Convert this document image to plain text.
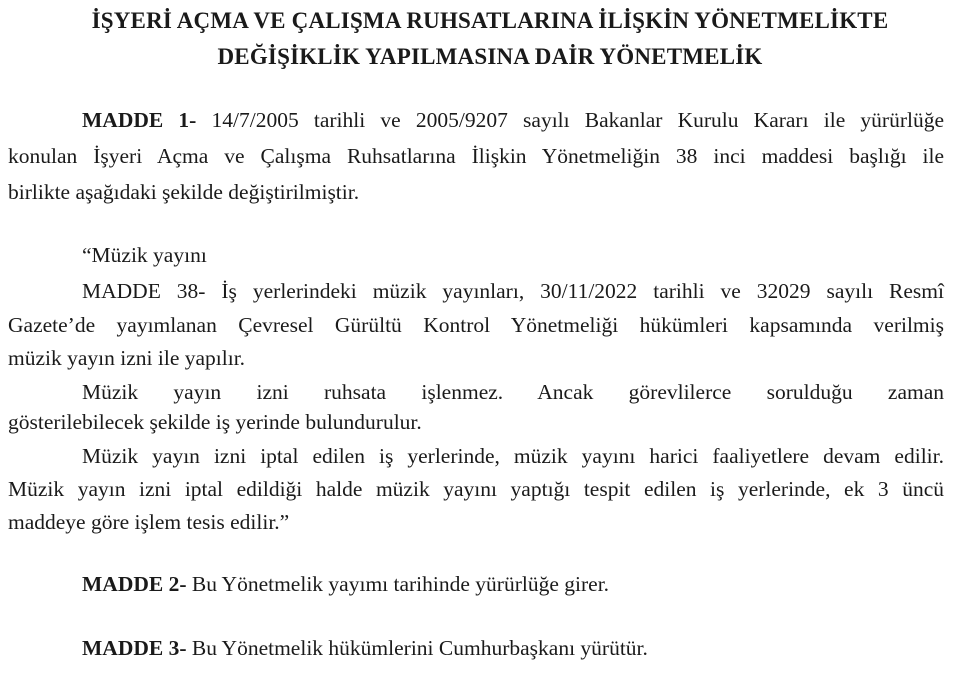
İŞYERİ AÇMA VE ÇALIŞMA RUHSATLARINA İLİŞKİN YÖNETMELİKTE
DEĞİŞİKLİK YAPILMASINA DAİR YÖNETMELİK
MADDE 1- 14/7/2005 tarihli ve 2005/9207 sayılı Bakanlar Kurulu Kararı ile yürürlüğe
konulan İşyeri Açma ve Çalışma Ruhsatlarına İlişkin Yönetmeliğin 38 inci maddesi başlığı ile
birlikte aşağıdaki şekilde değiştirilmiştir.
“Müzik yayını
MADDE 38- İş yerlerindeki müzik yayınları, 30/11/2022 tarihli ve 32029 sayılı Resmî
Gazete’de yayımlanan Çevresel Gürültü Kontrol Yönetmeliği hükümleri kapsamında verilmiş
müzik yayın izni ile yapılır.
Müzik yayın izni ruhsata işlenmez. Ancak görevlilerce sorulduğu zaman
gösterilebilecek şekilde iş yerinde bulundurulur.
Müzik yayın izni iptal edilen iş yerlerinde, müzik yayını harici faaliyetlere devam edilir.
Müzik yayın izni iptal edildiği halde müzik yayını yaptığı tespit edilen iş yerlerinde, ek 3 üncü
maddeye göre işlem tesis edilir.”
MADDE 2- Bu Yönetmelik yayımı tarihinde yürürlüğe girer.
MADDE 3- Bu Yönetmelik hükümlerini Cumhurbaşkanı yürütür.
